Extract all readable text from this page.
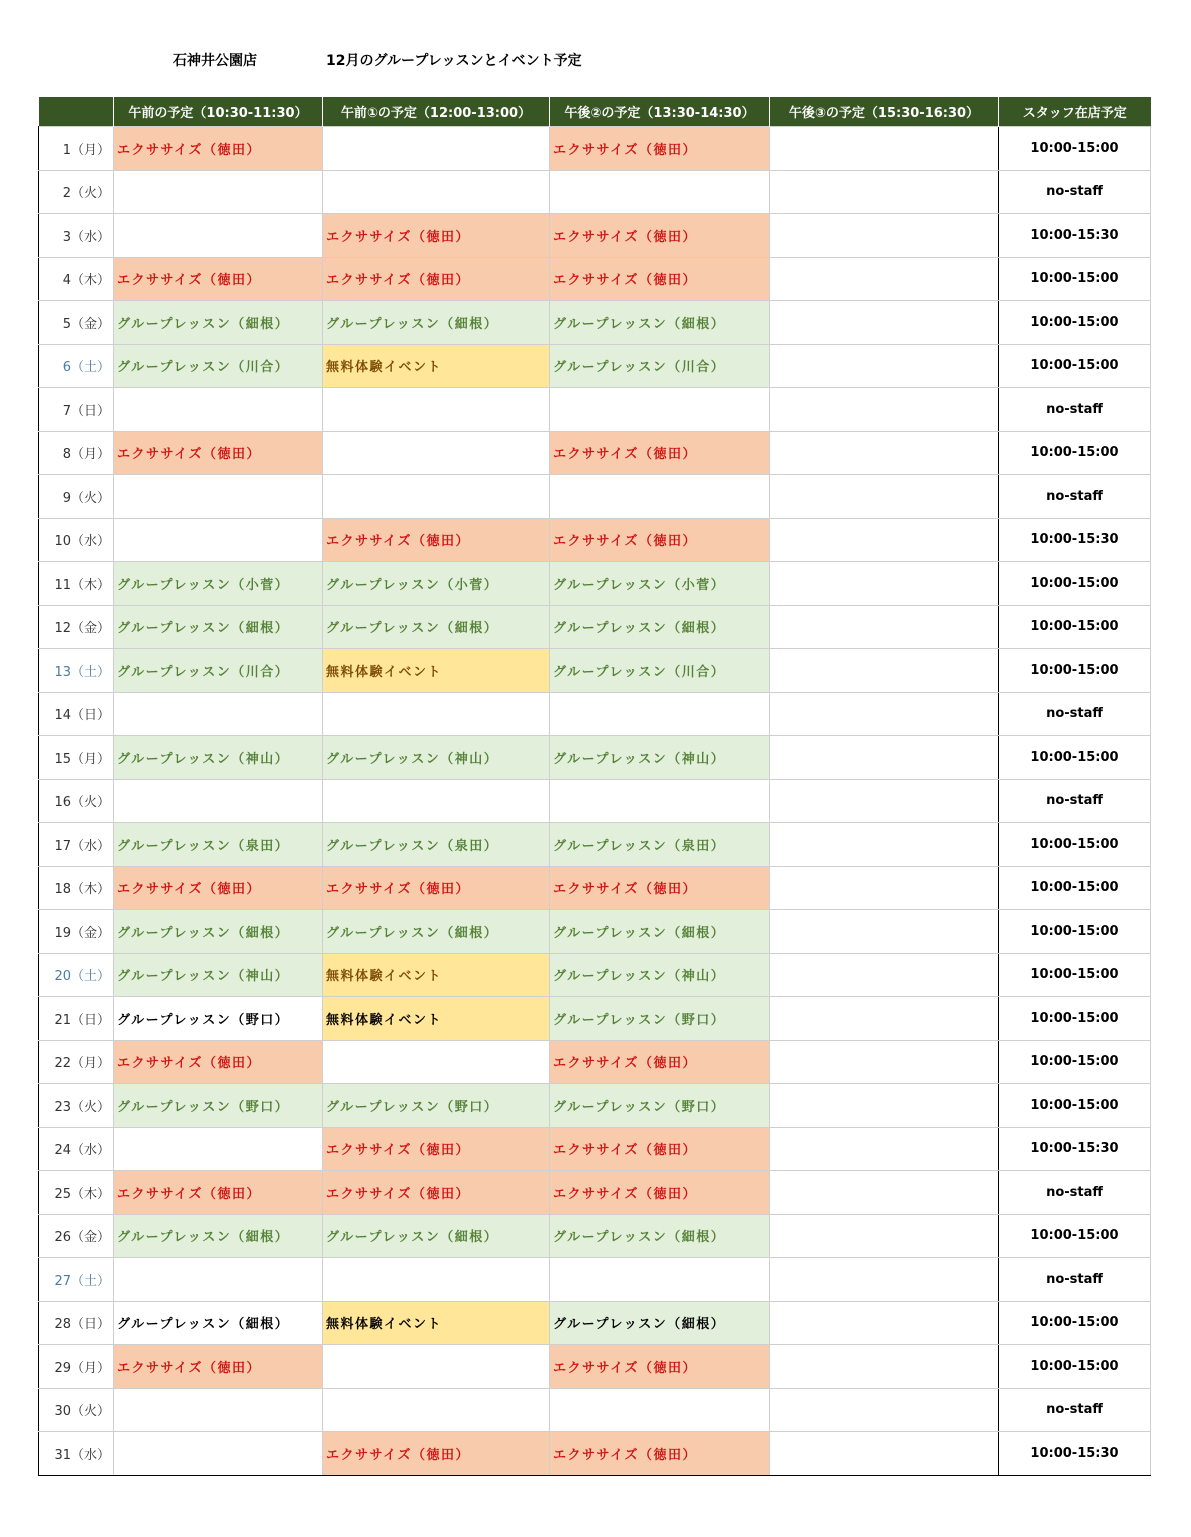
石神井公園店	12月のグループレッスンとイベント予定
	午前の予定（10:30-11:30）	午前①の予定（12:00-13:00）	午後②の予定（13:30-14:30）	午後③の予定（15:30-16:30）	スタッフ在店予定
1（月）	エクササイズ（徳田）		エクササイズ（徳田）		10:00-15:00
2（火）					no-staff
3（水）		エクササイズ（徳田）	エクササイズ（徳田）		10:00-15:30
4（木）	エクササイズ（徳田）	エクササイズ（徳田）	エクササイズ（徳田）		10:00-15:00
5（金）	グループレッスン（細根）	グループレッスン（細根）	グループレッスン（細根）		10:00-15:00
6（土）	グループレッスン（川合）	無料体験イベント	グループレッスン（川合）		10:00-15:00
7（日）					no-staff
8（月）	エクササイズ（徳田）		エクササイズ（徳田）		10:00-15:00
9（火）					no-staff
10（水）		エクササイズ（徳田）	エクササイズ（徳田）		10:00-15:30
11（木）	グループレッスン（小菅）	グループレッスン（小菅）	グループレッスン（小菅）		10:00-15:00
12（金）	グループレッスン（細根）	グループレッスン（細根）	グループレッスン（細根）		10:00-15:00
13（土）	グループレッスン（川合）	無料体験イベント	グループレッスン（川合）		10:00-15:00
14（日）					no-staff
15（月）	グループレッスン（神山）	グループレッスン（神山）	グループレッスン（神山）		10:00-15:00
16（火）					no-staff
17（水）	グループレッスン（泉田）	グループレッスン（泉田）	グループレッスン（泉田）		10:00-15:00
18（木）	エクササイズ（徳田）	エクササイズ（徳田）	エクササイズ（徳田）		10:00-15:00
19（金）	グループレッスン（細根）	グループレッスン（細根）	グループレッスン（細根）		10:00-15:00
20（土）	グループレッスン（神山）	無料体験イベント	グループレッスン（神山）		10:00-15:00
21（日）	グループレッスン（野口）	無料体験イベント	グループレッスン（野口）		10:00-15:00
22（月）	エクササイズ（徳田）		エクササイズ（徳田）		10:00-15:00
23（火）	グループレッスン（野口）	グループレッスン（野口）	グループレッスン（野口）		10:00-15:00
24（水）		エクササイズ（徳田）	エクササイズ（徳田）		10:00-15:30
25（木）	エクササイズ（徳田）	エクササイズ（徳田）	エクササイズ（徳田）		no-staff
26（金）	グループレッスン（細根）	グループレッスン（細根）	グループレッスン（細根）		10:00-15:00
27（土）					no-staff
28（日）	グループレッスン（細根）	無料体験イベント	グループレッスン（細根）		10:00-15:00
29（月）	エクササイズ（徳田）		エクササイズ（徳田）		10:00-15:00
30（火）					no-staff
31（水）		エクササイズ（徳田）	エクササイズ（徳田）		10:00-15:30
